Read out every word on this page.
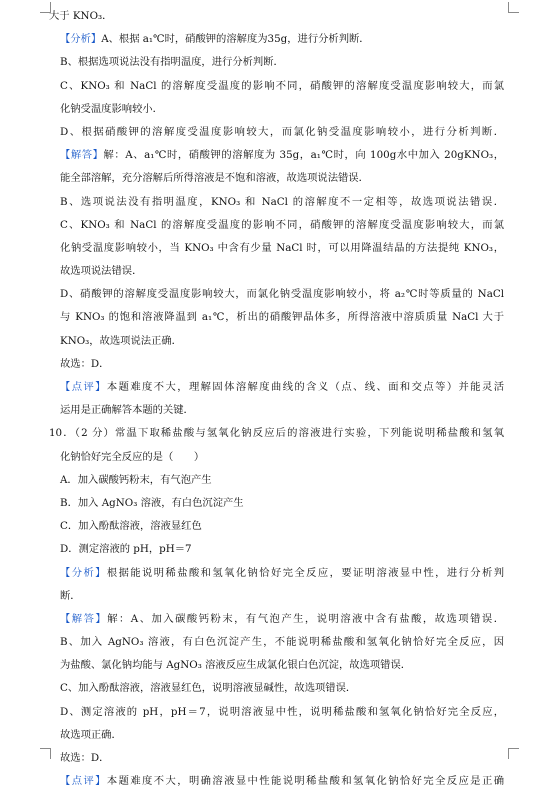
大于 KNO₃．
【分析】A、根据 a₁℃时，硝酸钾的溶解度为35g，进行分析判断．
B、根据选项说法没有指明温度，进行分析判断．
C、KNO₃ 和 NaCl 的溶解度受温度的影响不同，硝酸钾的溶解度受温度影响较大，而氯
化钠受温度影响较小．
D、根据硝酸钾的溶解度受温度影响较大，而氯化钠受温度影响较小，进行分析判断．
【解答】解：A、a₁℃时，硝酸钾的溶解度为 35g，a₁℃时，向 100g水中加入 20gKNO₃，
能全部溶解，充分溶解后所得溶液是不饱和溶液，故选项说法错误．
B、选项说法没有指明温度，KNO₃ 和 NaCl 的溶解度不一定相等，故选项说法错误．
C、KNO₃ 和 NaCl 的溶解度受温度的影响不同，硝酸钾的溶解度受温度影响较大，而氯
化钠受温度影响较小，当 KNO₃ 中含有少量 NaCl 时，可以用降温结晶的方法提纯 KNO₃，
故选项说法错误．
D、硝酸钾的溶解度受温度影响较大，而氯化钠受温度影响较小，将 a₂℃时等质量的 NaCl
与 KNO₃ 的饱和溶液降温到 a₁℃，析出的硝酸钾晶体多，所得溶液中溶质质量 NaCl 大于
KNO₃，故选项说法正确．
故选：D．
【点评】本题难度不大，理解固体溶解度曲线的含义（点、线、面和交点等）并能灵活
运用是正确解答本题的关键．
10．（2 分）常温下取稀盐酸与氢氧化钠反应后的溶液进行实验，下列能说明稀盐酸和氢氧
化钠恰好完全反应的是（　　）
A．加入碳酸钙粉末，有气泡产生
B．加入 AgNO₃ 溶液，有白色沉淀产生
C．加入酚酞溶液，溶液显红色
D．测定溶液的 pH，pH＝7
【分析】根据能说明稀盐酸和氢氧化钠恰好完全反应，要证明溶液显中性，进行分析判
断．
【解答】解：A、加入碳酸钙粉末，有气泡产生，说明溶液中含有盐酸，故选项错误．
B、加入 AgNO₃ 溶液，有白色沉淀产生，不能说明稀盐酸和氢氧化钠恰好完全反应，因
为盐酸、氯化钠均能与 AgNO₃ 溶液反应生成氯化银白色沉淀，故选项错误．
C、加入酚酞溶液，溶液显红色，说明溶液显碱性，故选项错误．
D、测定溶液的 pH，pH＝7，说明溶液显中性，说明稀盐酸和氢氧化钠恰好完全反应，
故选项正确．
故选：D．
【点评】本题难度不大，明确溶液显中性能说明稀盐酸和氢氧化钠恰好完全反应是正确
